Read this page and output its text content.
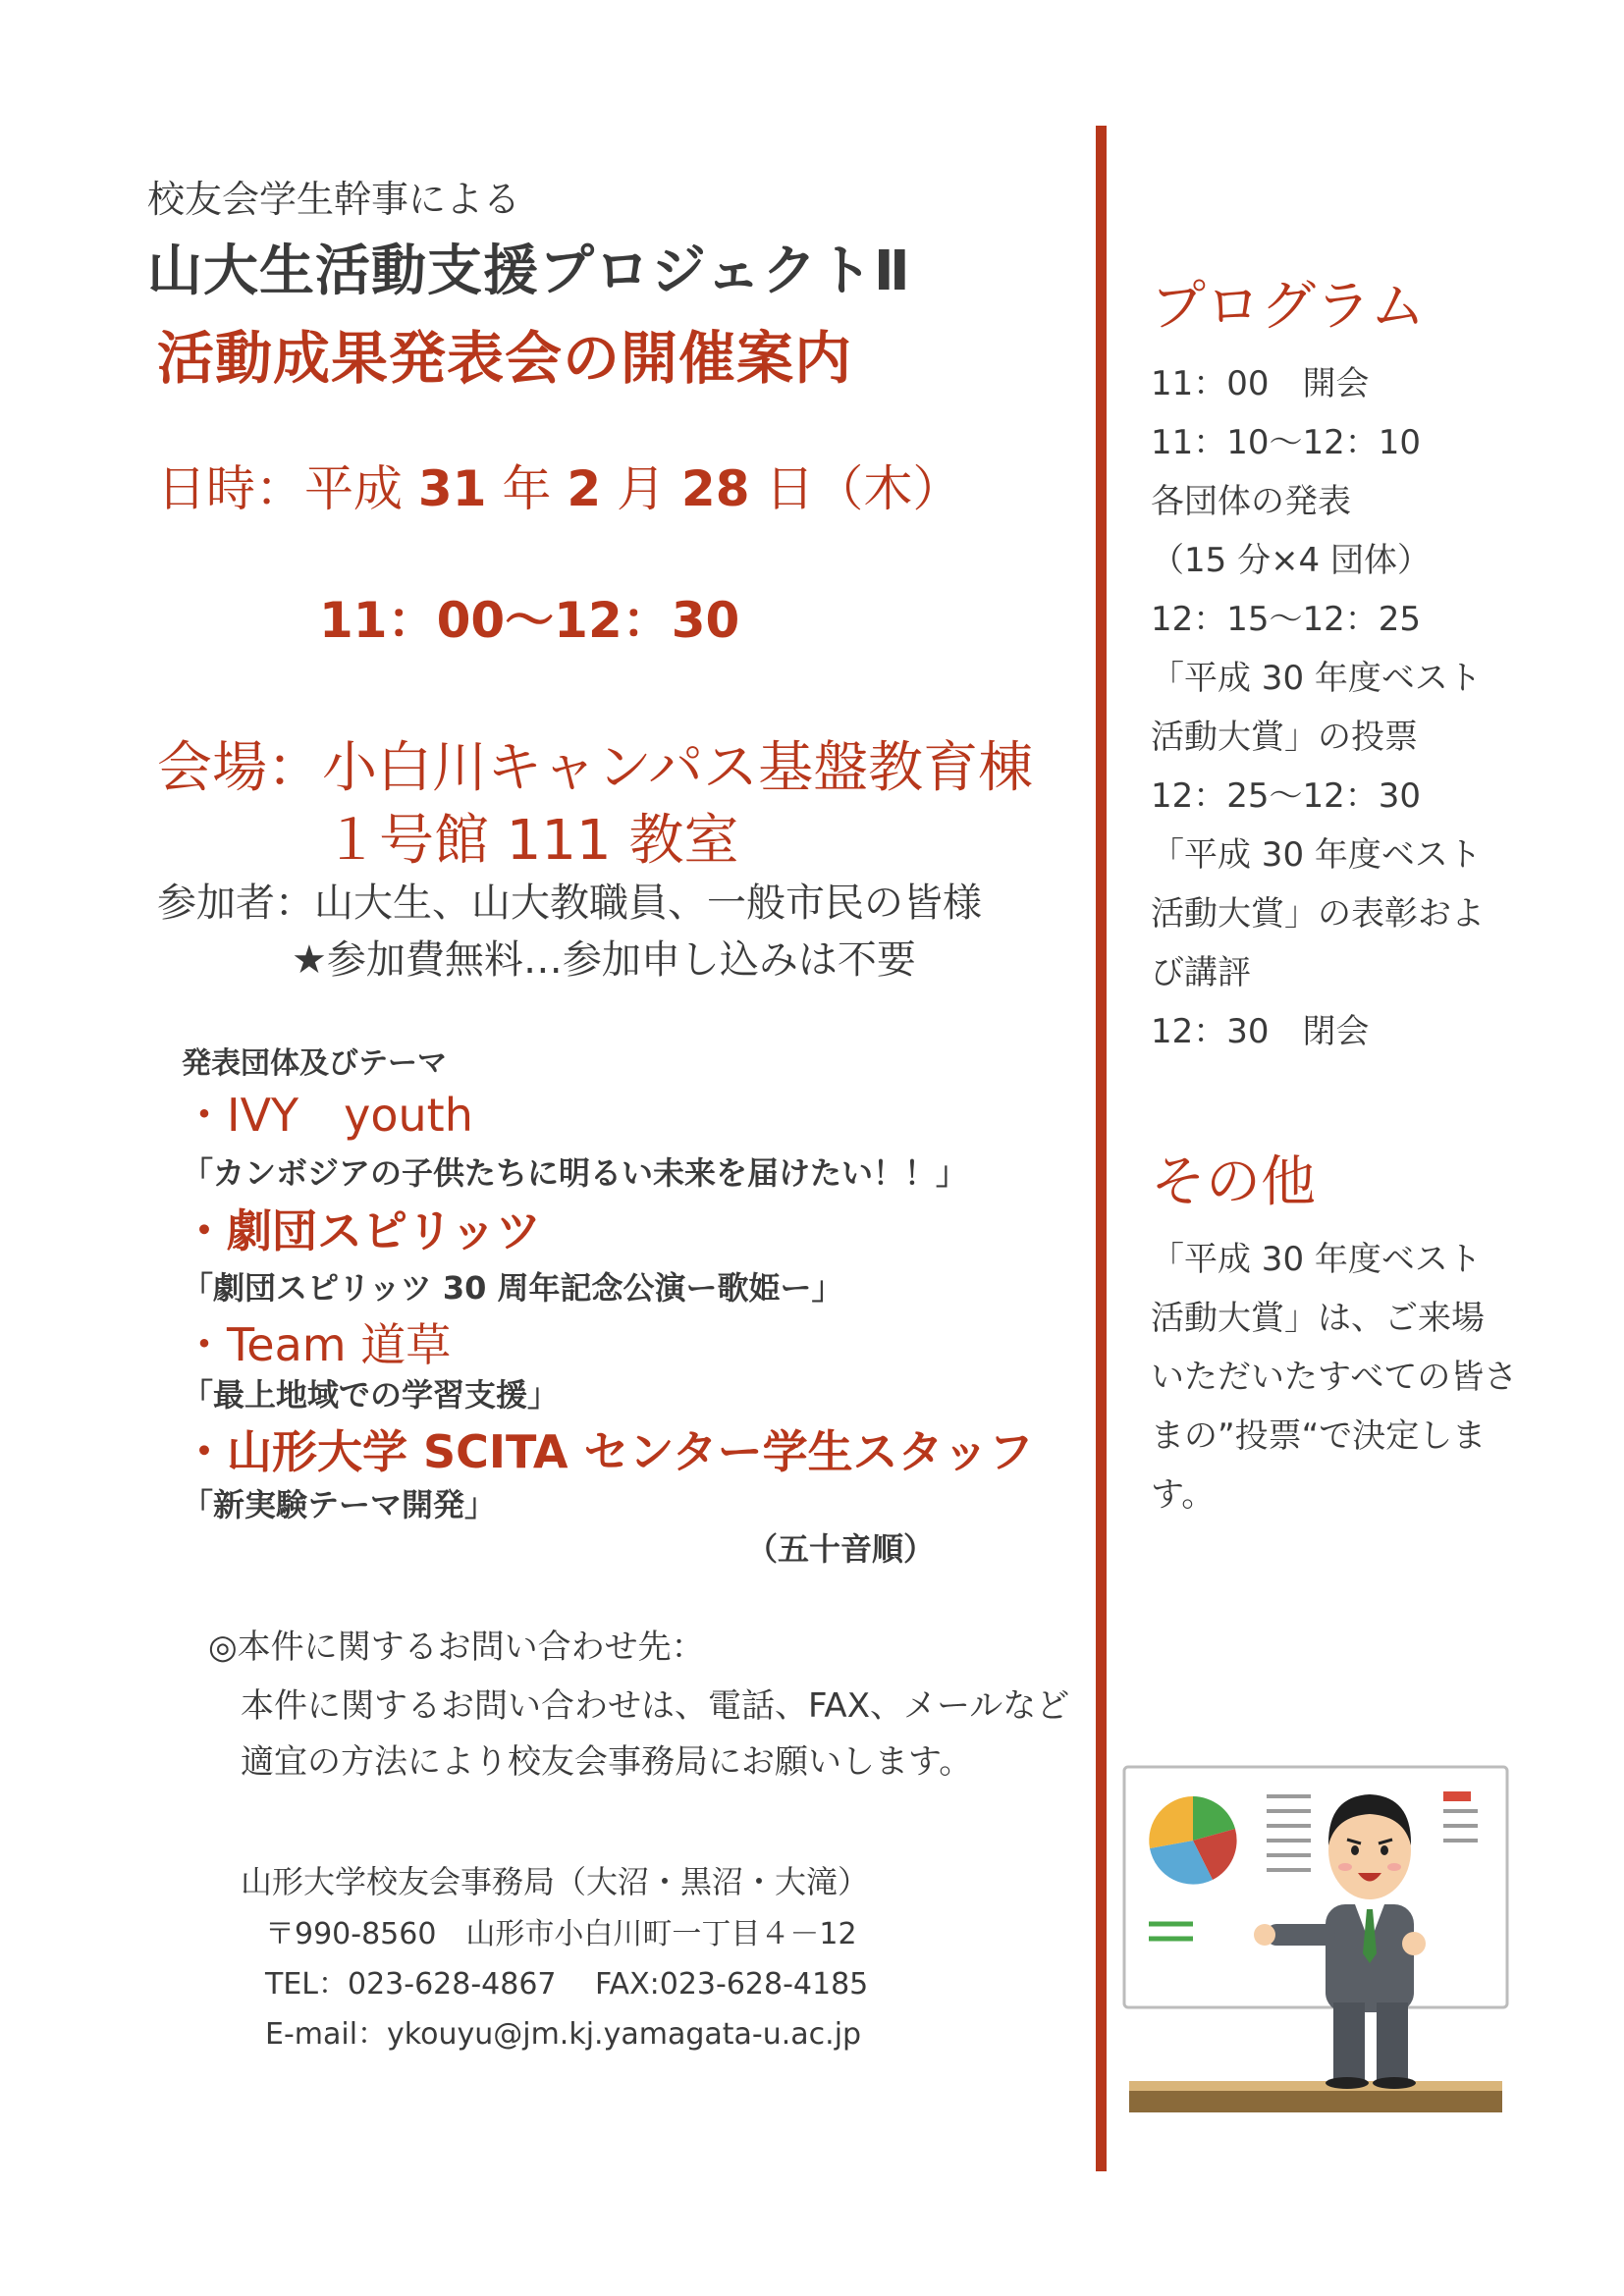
校友会学生幹事による
山大生活動支援プロジェクトⅡ
活動成果発表会の開催案内
日時：平成 31 年 2 月 28 日（木）
11：00～12：30
会場：小白川キャンパス基盤教育棟
１号館 111 教室
参加者：山大生、山大教職員、一般市民の皆様
★参加費無料…参加申し込みは不要
発表団体及びテーマ
・IVY　youth
「カンボジアの子供たちに明るい未来を届けたい！！」
・劇団スピリッツ
「劇団スピリッツ 30 周年記念公演ー歌姫ー」
・Team 道草
「最上地域での学習支援」
・山形大学 SCITA センター学生スタッフ
「新実験テーマ開発」
（五十音順）
◎本件に関するお問い合わせ先：
本件に関するお問い合わせは、電話、FAX、メールなど
適宜の方法により校友会事務局にお願いします。
山形大学校友会事務局（大沼・黒沼・大滝）
〒990-8560　山形市小白川町一丁目４－12
TEL：023-628-4867　 FAX:023-628-4185
E-mail：ykouyu@jm.kj.yamagata-u.ac.jp
プログラム
11：00　開会
11：10～12：10
各団体の発表
（15 分×4 団体）
12：15～12：25
「平成 30 年度ベスト
活動大賞」の投票
12：25～12：30
「平成 30 年度ベスト
活動大賞」の表彰およ
び講評
12：30　閉会
その他
「平成 30 年度ベスト
活動大賞」は、ご来場
いただいたすべての皆さ
まの”投票“で決定しま
す。
